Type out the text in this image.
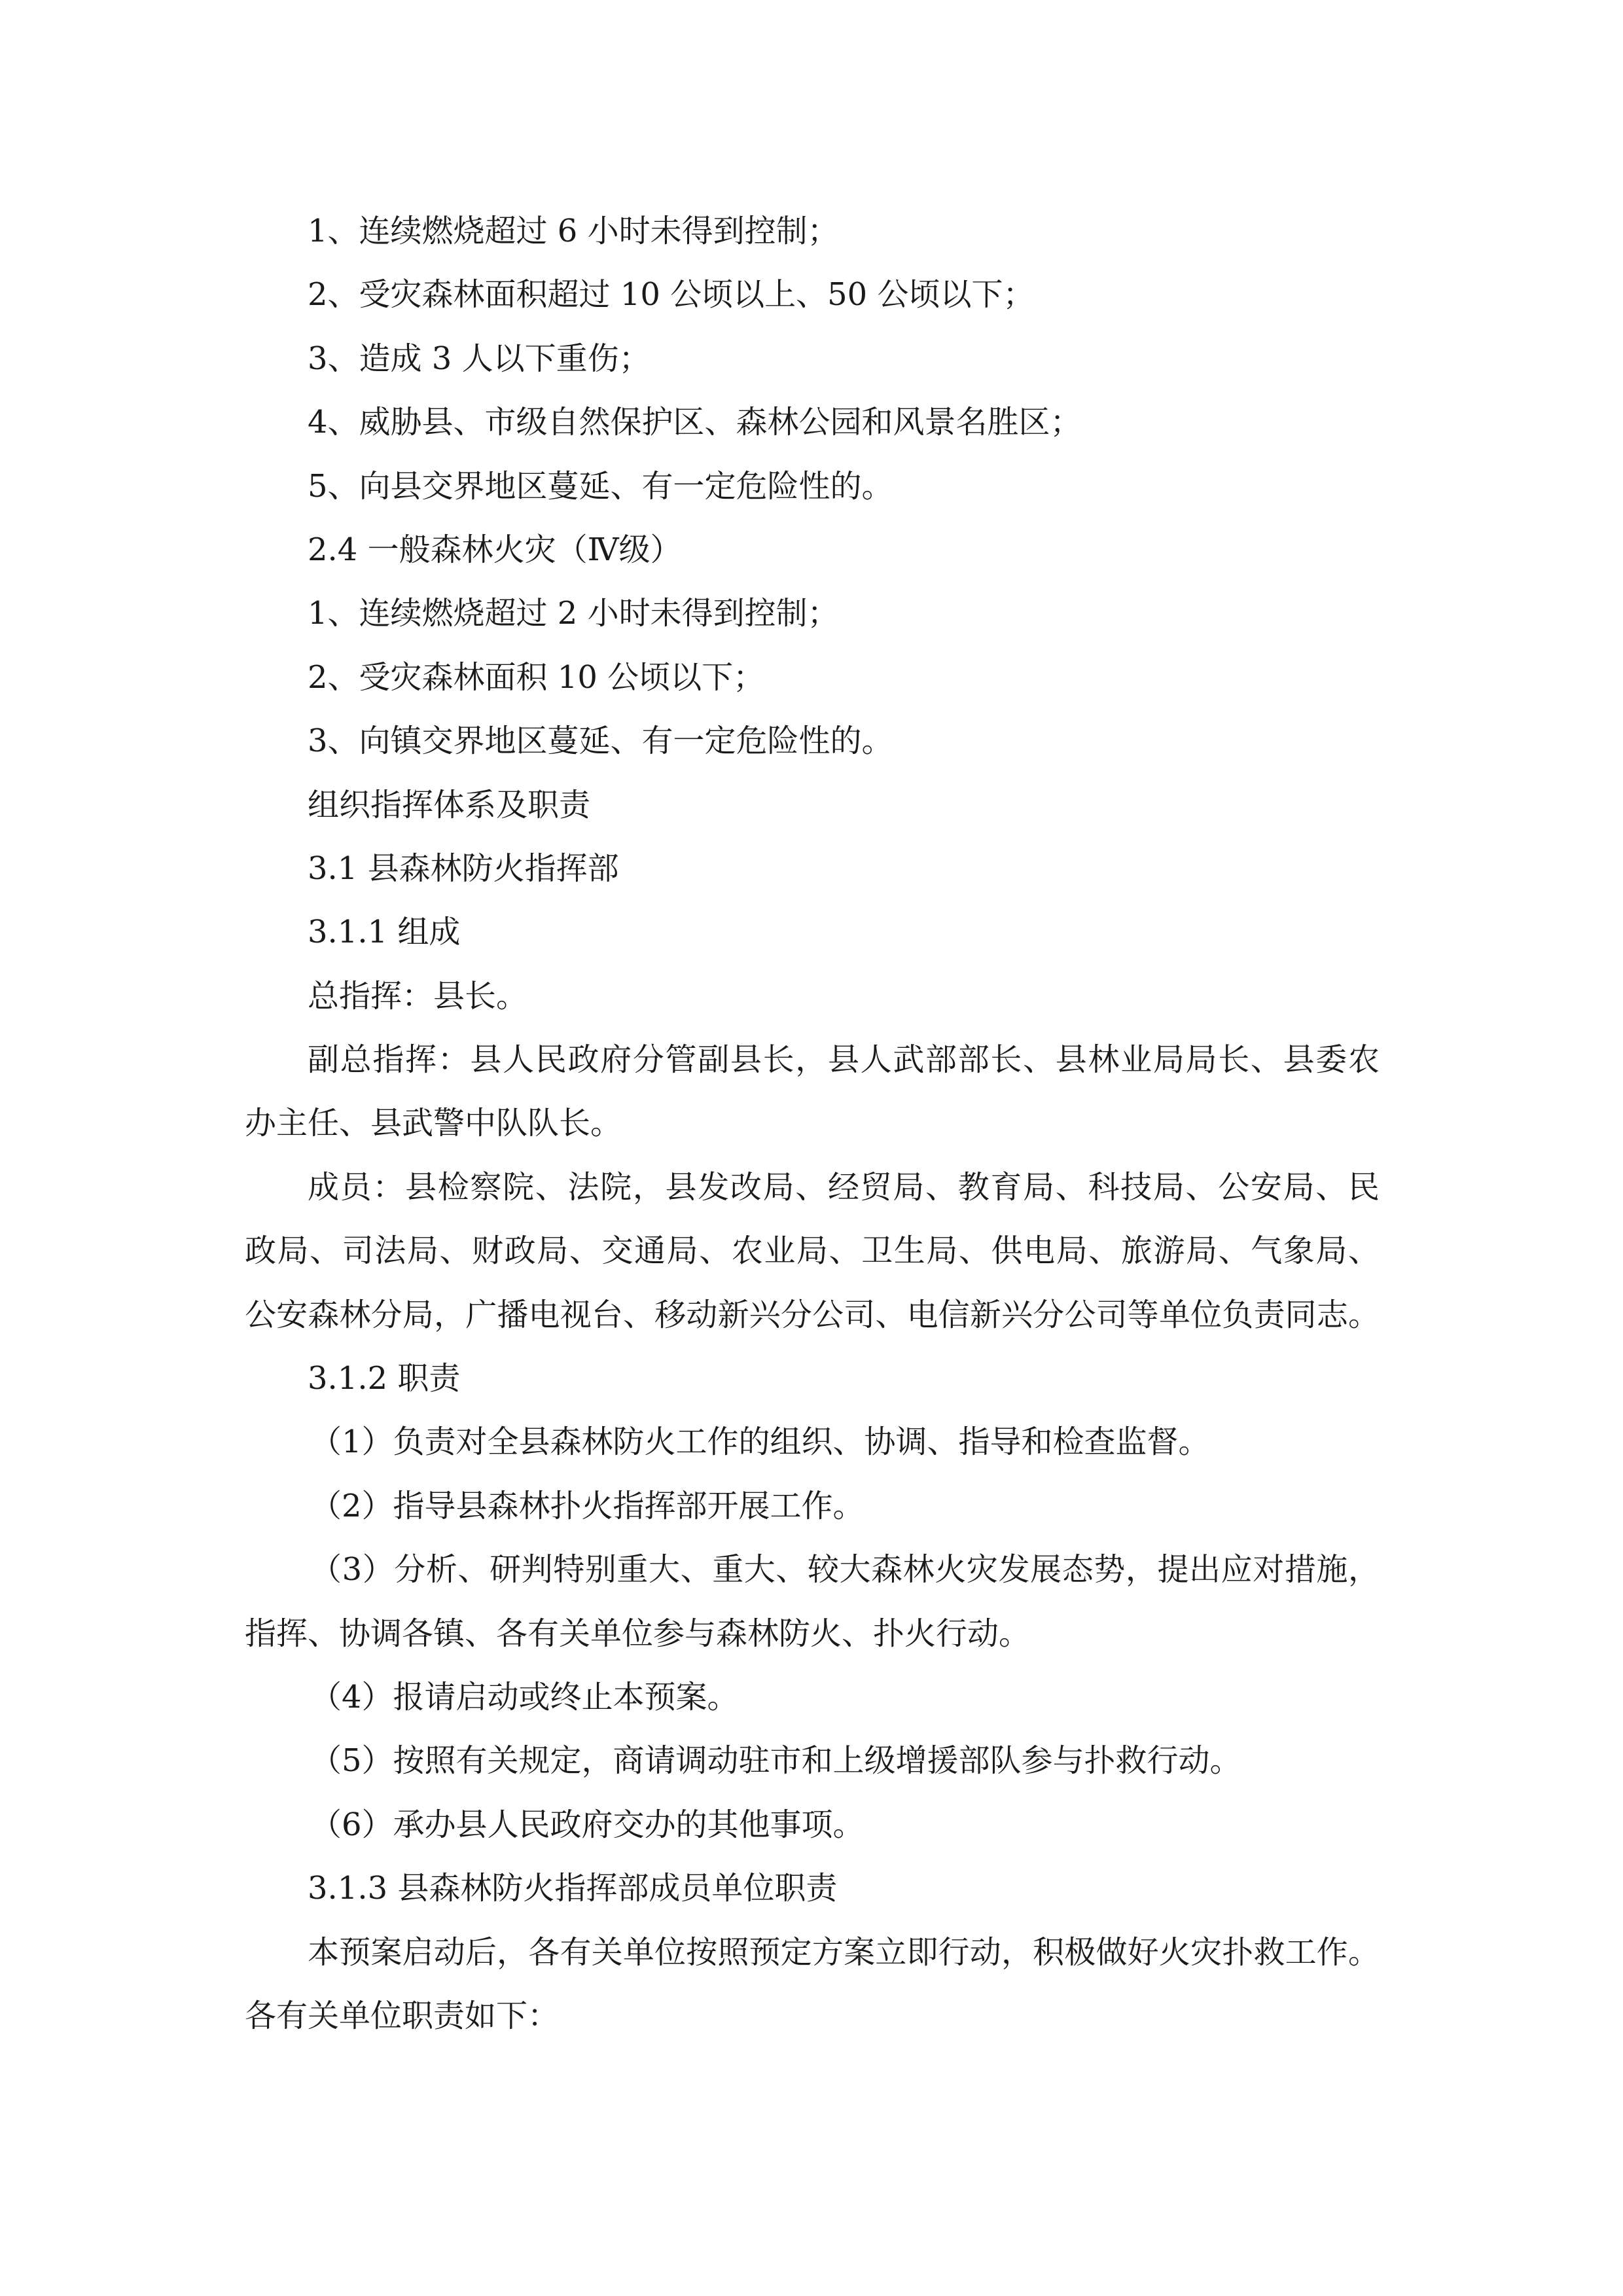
1、连续燃烧超过 6 小时未得到控制；
2、受灾森林面积超过 10 公顷以上、50 公顷以下；
3、造成 3 人以下重伤；
4、威胁县、市级自然保护区、森林公园和风景名胜区；
5、向县交界地区蔓延、有一定危险性的。
2.4 一般森林火灾（Ⅳ级）
1、连续燃烧超过 2 小时未得到控制；
2、受灾森林面积 10 公顷以下；
3、向镇交界地区蔓延、有一定危险性的。
组织指挥体系及职责
3.1 县森林防火指挥部
3.1.1 组成
总指挥：县长。
副总指挥：县人民政府分管副县长，县人武部部长、县林业局局长、县委农
办主任、县武警中队队长。
成员：县检察院、法院，县发改局、经贸局、教育局、科技局、公安局、民
政局、司法局、财政局、交通局、农业局、卫生局、供电局、旅游局、气象局、
公安森林分局，广播电视台、移动新兴分公司、电信新兴分公司等单位负责同志。
3.1.2 职责
（1）负责对全县森林防火工作的组织、协调、指导和检查监督。
（2）指导县森林扑火指挥部开展工作。
（3）分析、研判特别重大、重大、较大森林火灾发展态势，提出应对措施，
指挥、协调各镇、各有关单位参与森林防火、扑火行动。
（4）报请启动或终止本预案。
（5）按照有关规定，商请调动驻市和上级增援部队参与扑救行动。
（6）承办县人民政府交办的其他事项。
3.1.3 县森林防火指挥部成员单位职责
本预案启动后，各有关单位按照预定方案立即行动，积极做好火灾扑救工作。
各有关单位职责如下：
